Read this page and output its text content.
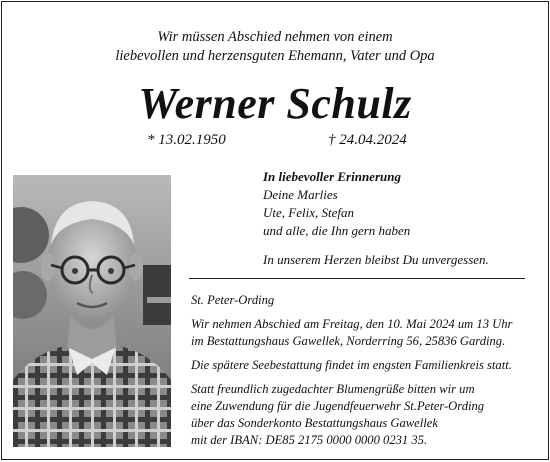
Wir müssen Abschied nehmen von einem
liebevollen und herzensguten Ehemann, Vater und Opa
Werner Schulz
* 13.02.1950	† 24.04.2024
In liebevoller Erinnerung
Deine Marlies
Ute, Felix, Stefan
und alle, die Ihn gern haben
In unserem Herzen bleibst Du unvergessen.
St. Peter-Ording
Wir nehmen Abschied am Freitag, den 10. Mai 2024 um 13 Uhr
im Bestattungshaus Gawellek, Norderring 56, 25836 Garding.
Die spätere Seebestattung findet im engsten Familienkreis statt.
Statt freundlich zugedachter Blumengrüße bitten wir um
eine Zuwendung für die Jugendfeuerwehr St.Peter-Ording
über das Sonderkonto Bestattungshaus Gawellek
mit der IBAN: DE85 2175 0000 0000 0231 35.
